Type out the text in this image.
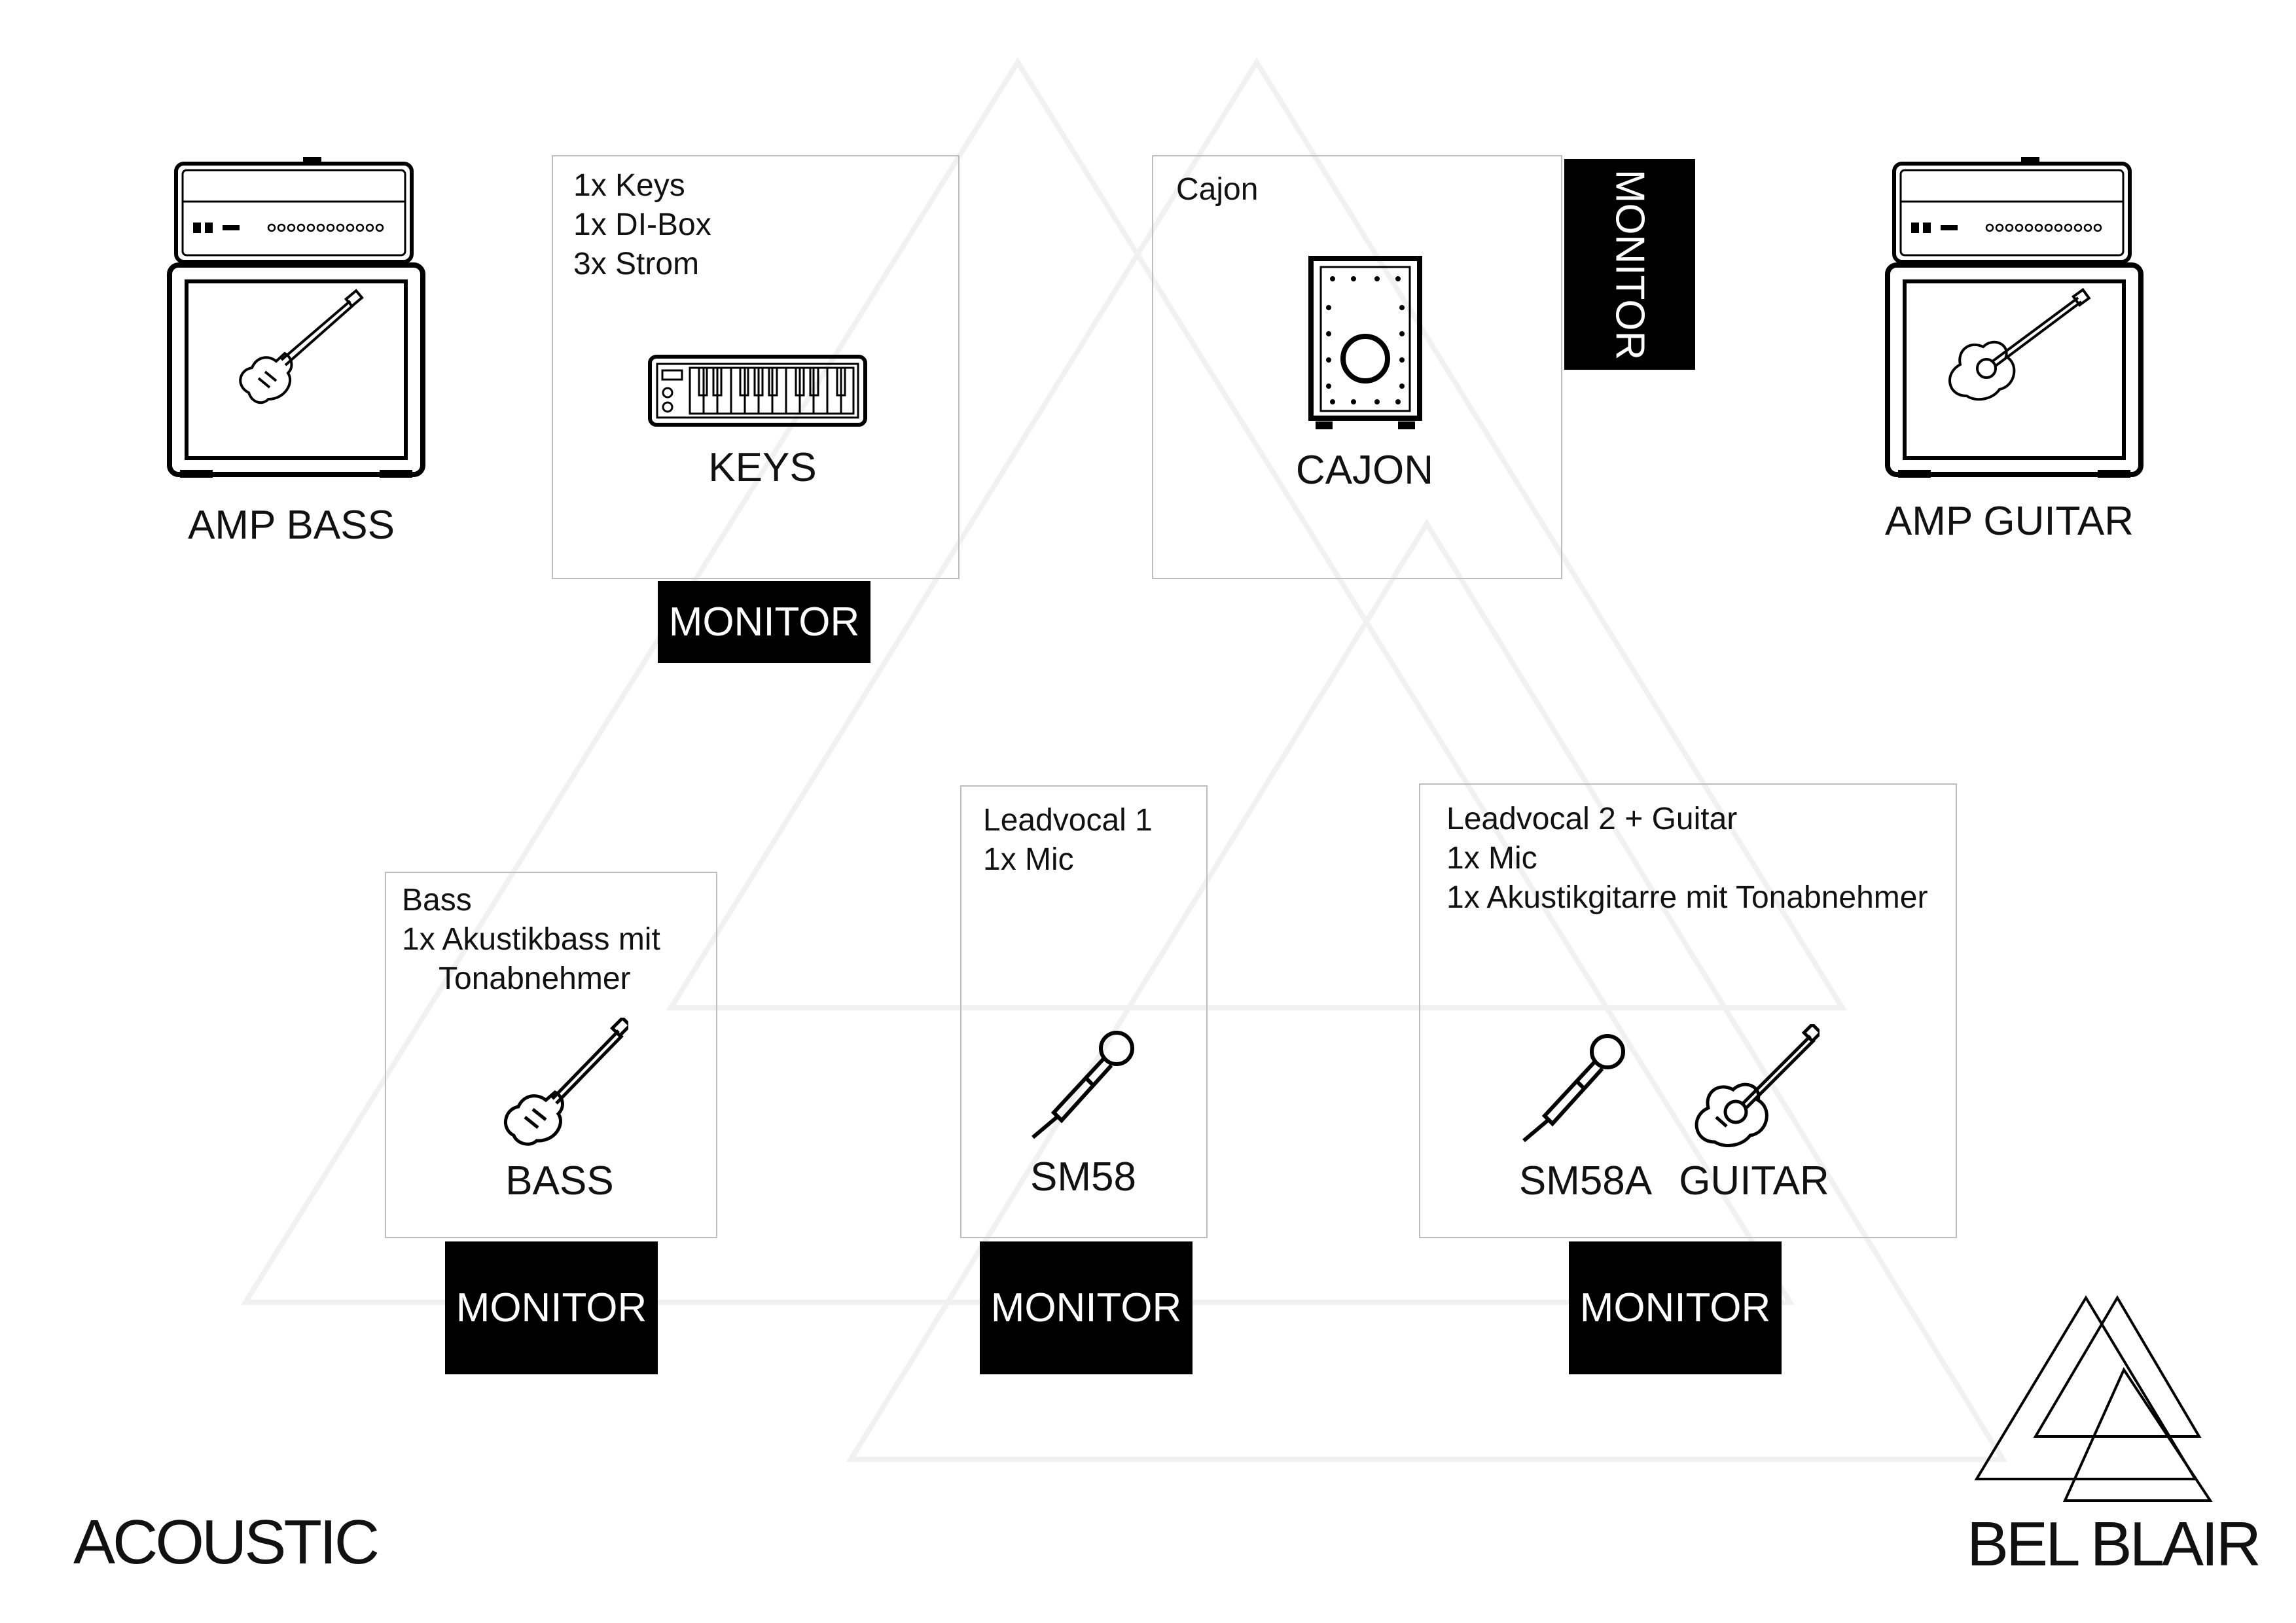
AMP BASS	AMP GUITAR
1x Keys
1x DI-Box
3x Strom
KEYS
MONITOR
Cajon
CAJON
MONITOR
Bass
1x Akustikbass mit
Tonabnehmer
BASS
MONITOR
Leadvocal 1
1x Mic
SM58
MONITOR
Leadvocal 2 + Guitar
1x Mic
1x Akustikgitarre mit Tonabnehmer
SM58A GUITAR
MONITOR
ACOUSTIC	BEL BLAIR
